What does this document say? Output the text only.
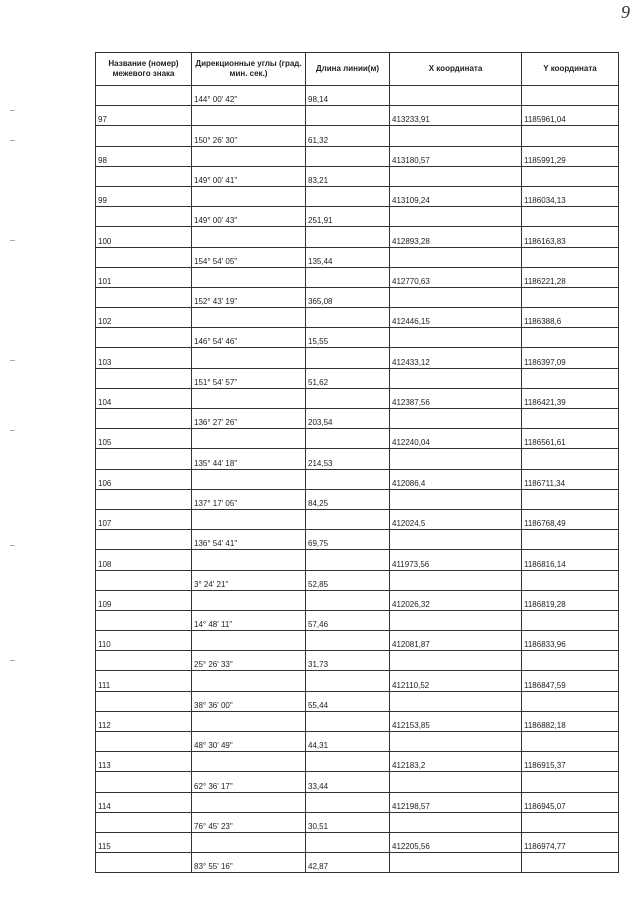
9
Название (номер) межевого знака	Дирекционные углы (град. мин. сек.)	Длина линии(м)	X координата	Y координата
	144° 00' 42"	98,14		
97			413233,91	1185961,04
	150° 26' 30"	61,32		
98			413180,57	1185991,29
	149° 00' 41"	83,21		
99			413109,24	1186034,13
	149° 00' 43"	251,91		
100			412893,28	1186163,83
	154° 54' 05"	135,44		
101			412770,63	1186221,28
	152° 43' 19"	365,08		
102			412446,15	1186388,6
	146° 54' 46"	15,55		
103			412433,12	1186397,09
	151° 54' 57"	51,62		
104			412387,56	1186421,39
	136° 27' 26"	203,54		
105			412240,04	1186561,61
	135° 44' 18"	214,53		
106			412086,4	1186711,34
	137° 17' 05"	84,25		
107			412024,5	1186768,49
	136° 54' 41"	69,75		
108			411973,56	1186816,14
	3° 24' 21"	52,85		
109			412026,32	1186819,28
	14° 48' 11"	57,46		
110			412081,87	1186833,96
	25° 26' 33"	31,73		
111			412110,52	1186847,59
	38° 36' 00"	55,44		
112			412153,85	1186882,18
	48° 30' 49"	44,31		
113			412183,2	1186915,37
	62° 36' 17"	33,44		
114			412198,57	1186945,07
	76° 45' 23"	30,51		
115			412205,56	1186974,77
	83° 55' 16"	42,87		
